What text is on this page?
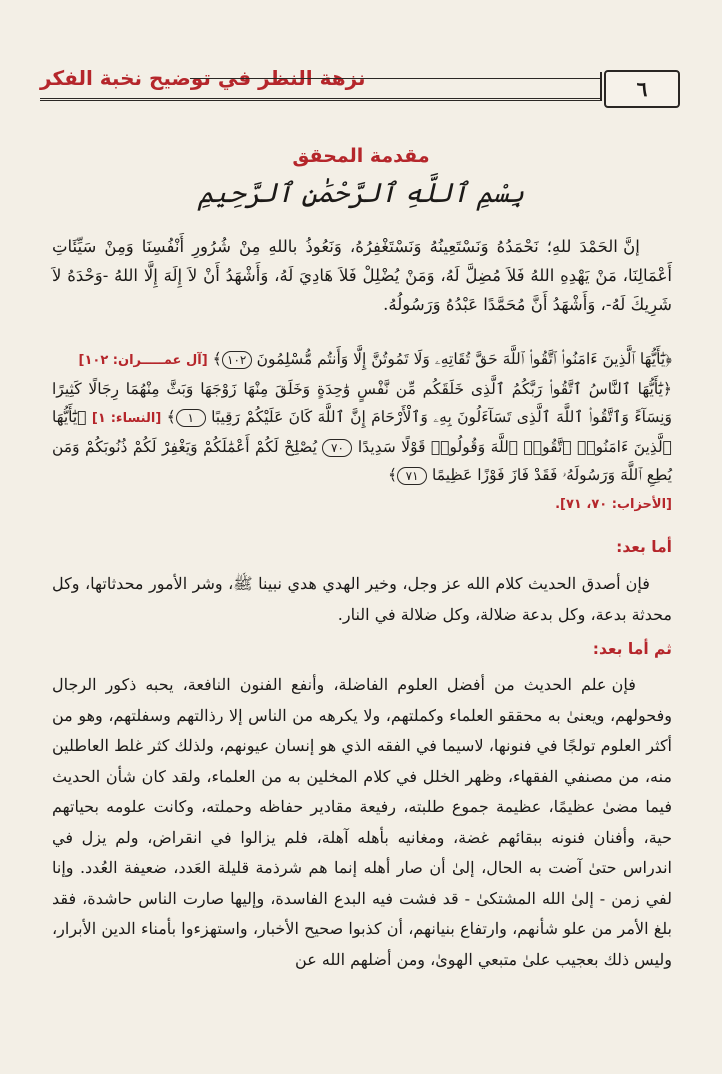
نزهة النظر في توضيح نخبة الفكر	٦
مقدمة المحقق
بِسْمِ ٱللَّهِ ٱلرَّحْمَٰنِ ٱلرَّحِيمِ
إنَّ الحَمْدَ للهِ؛ نَحْمَدُهُ وَنَسْتَعِينُهُ وَنَسْتَغْفِرُهُ، وَنَعُوذُ باللهِ مِنْ شُرُورِ أَنْفُسِنَا وَمِنْ سَيِّئَاتِ أَعْمَالِنَا، مَنْ يَهْدِهِ اللهُ فَلاَ مُضِلَّ لَهُ، وَمَنْ يُضْلِلْ فَلاَ هَادِيَ لَهُ، وَأَشْهَدُ أَنْ لاَ إِلَهَ إِلَّا اللهُ -وَحْدَهُ لاَ شَرِيكَ لَهُ-، وَأَشْهَدُ أَنَّ مُحَمَّدًا عَبْدُهُ وَرَسُولُهُ.
﴿يَٰٓأَيُّهَا ٱلَّذِينَ ءَامَنُوا۟ ٱتَّقُوا۟ ٱللَّهَ حَقَّ تُقَاتِهِۦ وَلَا تَمُوتُنَّ إِلَّا وَأَنتُم مُّسْلِمُونَ ١٠٢﴾ [آل عمـــــران: ١٠٢]
﴿يَٰٓأَيُّهَا ٱلنَّاسُ ٱتَّقُوا۟ رَبَّكُمُ ٱلَّذِى خَلَقَكُم مِّن نَّفْسٍ وَٰحِدَةٍ وَخَلَقَ مِنْهَا زَوْجَهَا وَبَثَّ مِنْهُمَا رِجَالًا كَثِيرًا وَنِسَآءً وَٱتَّقُوا۟ ٱللَّهَ ٱلَّذِى تَسَآءَلُونَ بِهِۦ وَٱلْأَرْحَامَ إِنَّ ٱللَّهَ كَانَ عَلَيْكُمْ رَقِيبًا ١﴾ [النساء: ١] ﴿يَٰٓأَيُّهَا ٱلَّذِينَ ءَامَنُوا۟ ٱتَّقُوا۟ ٱللَّهَ وَقُولُوا۟ قَوْلًا سَدِيدًا ٧٠ يُصْلِحْ لَكُمْ أَعْمَٰلَكُمْ وَيَغْفِرْ لَكُمْ ذُنُوبَكُمْ وَمَن يُطِعِ ٱللَّهَ وَرَسُولَهُۥ فَقَدْ فَازَ فَوْزًا عَظِيمًا ٧١﴾
[الأحزاب: ٧٠، ٧١].
أما بعد:
فإن أصدق الحديث كلام الله عز وجل، وخير الهدي هدي نبينا ﷺ، وشر الأمور محدثاتها، وكل محدثة بدعة، وكل بدعة ضلالة، وكل ضلالة في النار.
ثم أما بعد:
فإن علم الحديث من أفضل العلوم الفاضلة، وأنفع الفنون النافعة، يحبه ذكور الرجال وفحولهم، ويعنىٰ به محققو العلماء وكملتهم، ولا يكرهه من الناس إلا رذالتهم وسفلتهم، وهو من أكثر العلوم تولجًا في فنونها، لاسيما في الفقه الذي هو إنسان عيونهم، ولذلك كثر غلط العاطلين منه، من مصنفي الفقهاء، وظهر الخلل في كلام المخلين به من العلماء، ولقد كان شأن الحديث فيما مضىٰ عظيمًا، عظيمة جموع طلبته، رفيعة مقادير حفاظه وحملته، وكانت علومه بحياتهم حية، وأفنان فنونه ببقائهم غضة، ومغانيه بأهله آهلة، فلم يزالوا في انقراض، ولم يزل في اندراس حتىٰ آضت به الحال، إلىٰ أن صار أهله إنما هم شرذمة قليلة العَدد، ضعيفة العُدد. وإنا لفي زمن - إلىٰ الله المشتكىٰ - قد فشت فيه البدع الفاسدة، وإليها صارت الناس حاشدة، فقد بلغ الأمر من علو شأنهم، وارتفاع بنيانهم، أن كذبوا صحيح الأخبار، واستهزءوا بأمناء الدين الأبرار، وليس ذلك بعجيب علىٰ متبعي الهوىٰ، ومن أضلهم الله عن
